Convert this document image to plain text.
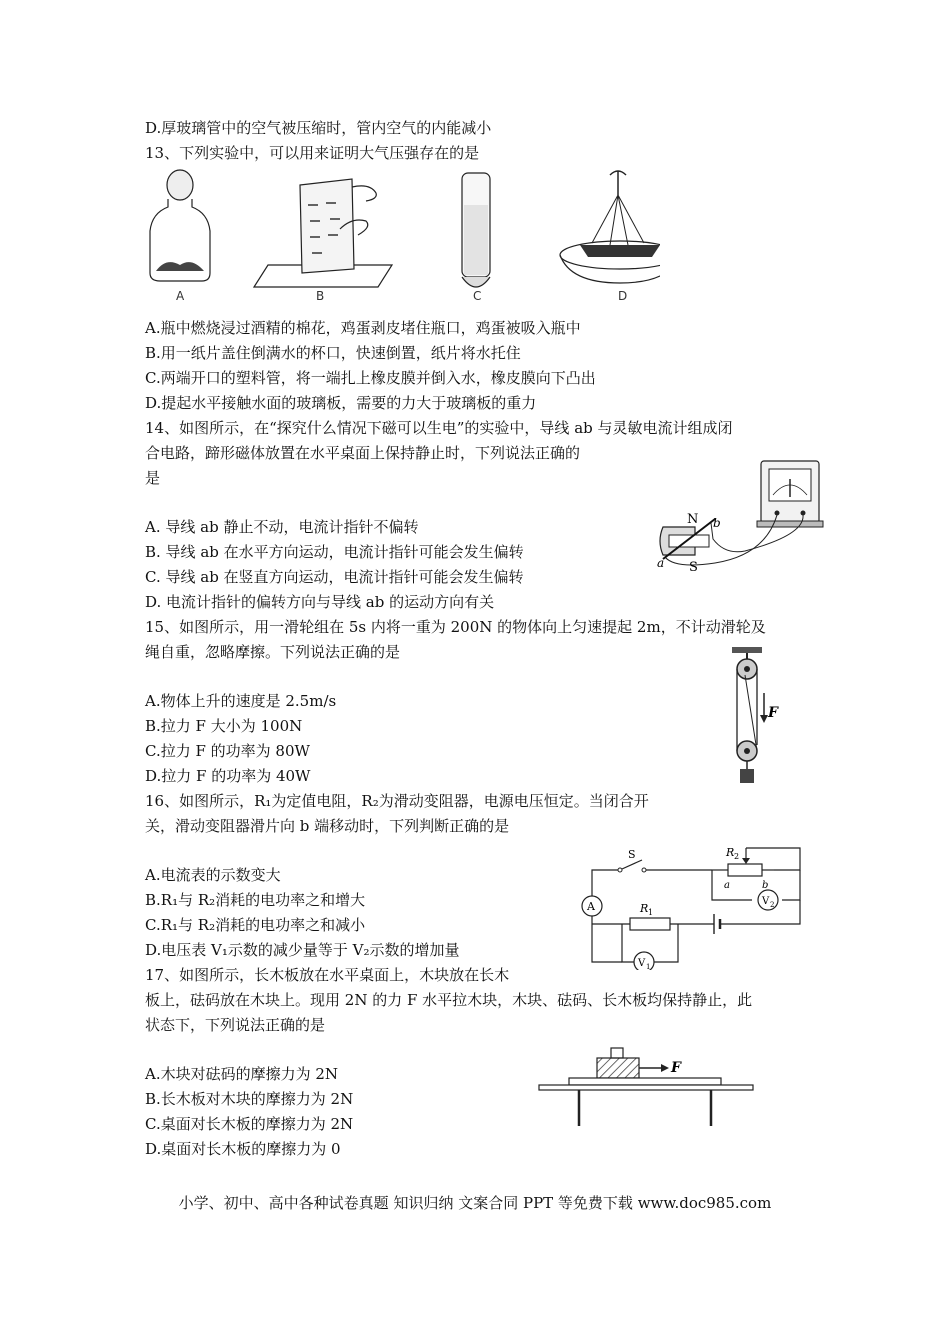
D.厚玻璃管中的空气被压缩时，管内空气的内能减小
13、下列实验中，可以用来证明大气压强存在的是
A.瓶中燃烧浸过酒精的棉花，鸡蛋剥皮堵住瓶口，鸡蛋被吸入瓶中
B.用一纸片盖住倒满水的杯口，快速倒置，纸片将水托住
C.两端开口的塑料管，将一端扎上橡皮膜并倒入水，橡皮膜向下凸出
D.提起水平接触水面的玻璃板，需要的力大于玻璃板的重力
14、如图所示，在“探究什么情况下磁可以生电”的实验中，导线 ab 与灵敏电流计组成闭
合电路，蹄形磁体放置在水平桌面上保持静止时，下列说法正确的
是
A. 导线 ab 静止不动，电流计指针不偏转
B. 导线 ab 在水平方向运动，电流计指针可能会发生偏转
C. 导线 ab 在竖直方向运动，电流计指针可能会发生偏转
D. 电流计指针的偏转方向与导线 ab 的运动方向有关
15、如图所示，用一滑轮组在 5s 内将一重为 200N 的物体向上匀速提起 2m，不计动滑轮及
绳自重，忽略摩擦。下列说法正确的是
A.物体上升的速度是 2.5m/s
B.拉力 F 大小为 100N
C.拉力 F 的功率为 80W
D.拉力 F 的功率为 40W
16、如图所示，R₁为定值电阻，R₂为滑动变阻器，电源电压恒定。当闭合开
关，滑动变阻器滑片向 b 端移动时，下列判断正确的是
A.电流表的示数变大
B.R₁与 R₂消耗的电功率之和增大
C.R₁与 R₂消耗的电功率之和减小
D.电压表 V₁示数的减少量等于 V₂示数的增加量
17、如图所示，长木板放在水平桌面上，木块放在长木
板上，砝码放在木块上。现用 2N 的力 F 水平拉木块，木块、砝码、长木板均保持静止，此
状态下，下列说法正确的是
A.木块对砝码的摩擦力为 2N
B.长木板对木块的摩擦力为 2N
C.桌面对长木板的摩擦力为 2N
D.桌面对长木板的摩擦力为 0
A	B	C	D
N
S
a
b
F
R 2
a	b
V 2
S
A	R 1
V 1
F
小学、初中、高中各种试卷真题 知识归纳 文案合同 PPT 等免费下载 www.doc985.com
